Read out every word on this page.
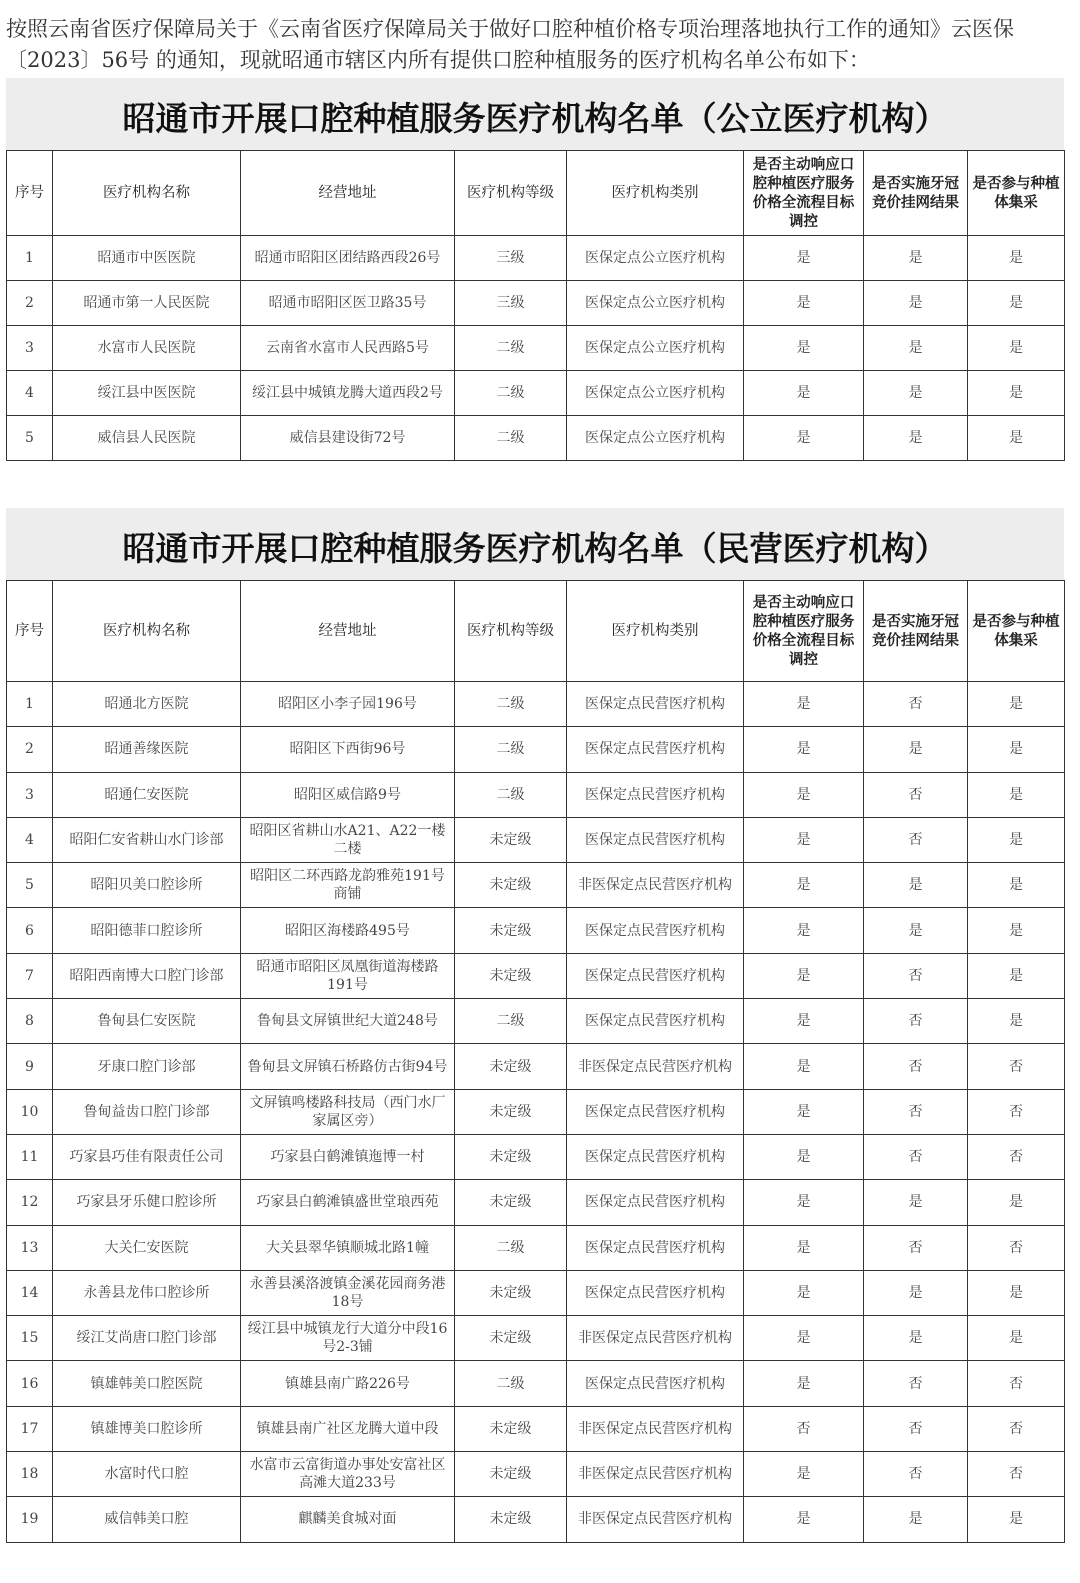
按照云南省医疗保障局关于《云南省医疗保障局关于做好口腔种植价格专项治理落地执行工作的通知》云医保〔2023〕56号 的通知，现就昭通市辖区内所有提供口腔种植服务的医疗机构名单公布如下：
昭通市开展口腔种植服务医疗机构名单（公立医疗机构）
序号	医疗机构名称	经营地址	医疗机构等级	医疗机构类别	是否主动响应口腔种植医疗服务价格全流程目标调控	是否实施牙冠竞价挂网结果	是否参与种植体集采
1	昭通市中医医院	昭通市昭阳区团结路西段26号	三级	医保定点公立医疗机构	是	是	是
2	昭通市第一人民医院	昭通市昭阳区医卫路35号	三级	医保定点公立医疗机构	是	是	是
3	水富市人民医院	云南省水富市人民西路5号	二级	医保定点公立医疗机构	是	是	是
4	绥江县中医医院	绥江县中城镇龙腾大道西段2号	二级	医保定点公立医疗机构	是	是	是
5	威信县人民医院	威信县建设街72号	二级	医保定点公立医疗机构	是	是	是
昭通市开展口腔种植服务医疗机构名单（民营医疗机构）
序号	医疗机构名称	经营地址	医疗机构等级	医疗机构类别	是否主动响应口腔种植医疗服务价格全流程目标调控	是否实施牙冠竞价挂网结果	是否参与种植体集采
1	昭通北方医院	昭阳区小李子园196号	二级	医保定点民营医疗机构	是	否	是
2	昭通善缘医院	昭阳区下西街96号	二级	医保定点民营医疗机构	是	是	是
3	昭通仁安医院	昭阳区威信路9号	二级	医保定点民营医疗机构	是	否	是
4	昭阳仁安省耕山水门诊部	昭阳区省耕山水A21、A22一楼二楼	未定级	医保定点民营医疗机构	是	否	是
5	昭阳贝美口腔诊所	昭阳区二环西路龙韵雅苑191号商铺	未定级	非医保定点民营医疗机构	是	是	是
6	昭阳德菲口腔诊所	昭阳区海楼路495号	未定级	医保定点民营医疗机构	是	是	是
7	昭阳西南博大口腔门诊部	昭通市昭阳区凤凰街道海楼路191号	未定级	医保定点民营医疗机构	是	否	是
8	鲁甸县仁安医院	鲁甸县文屏镇世纪大道248号	二级	医保定点民营医疗机构	是	否	是
9	牙康口腔门诊部	鲁甸县文屏镇石桥路仿古街94号	未定级	非医保定点民营医疗机构	是	否	否
10	鲁甸益齿口腔门诊部	文屏镇鸣楼路科技局（西门水厂家属区旁）	未定级	医保定点民营医疗机构	是	否	否
11	巧家县巧佳有限责任公司	巧家县白鹤滩镇迤博一村	未定级	医保定点民营医疗机构	是	否	否
12	巧家县牙乐健口腔诊所	巧家县白鹤滩镇盛世堂琅西苑	未定级	医保定点民营医疗机构	是	是	是
13	大关仁安医院	大关县翠华镇顺城北路1幢	二级	医保定点民营医疗机构	是	否	否
14	永善县龙伟口腔诊所	永善县溪洛渡镇金溪花园商务港18号	未定级	医保定点民营医疗机构	是	是	是
15	绥江艾尚唐口腔门诊部	绥江县中城镇龙行大道分中段16号2-3铺	未定级	非医保定点民营医疗机构	是	是	是
16	镇雄韩美口腔医院	镇雄县南广路226号	二级	医保定点民营医疗机构	是	否	否
17	镇雄博美口腔诊所	镇雄县南广社区龙腾大道中段	未定级	非医保定点民营医疗机构	否	否	否
18	水富时代口腔	水富市云富街道办事处安富社区高滩大道233号	未定级	非医保定点民营医疗机构	是	否	否
19	威信韩美口腔	麒麟美食城对面	未定级	非医保定点民营医疗机构	是	是	是
